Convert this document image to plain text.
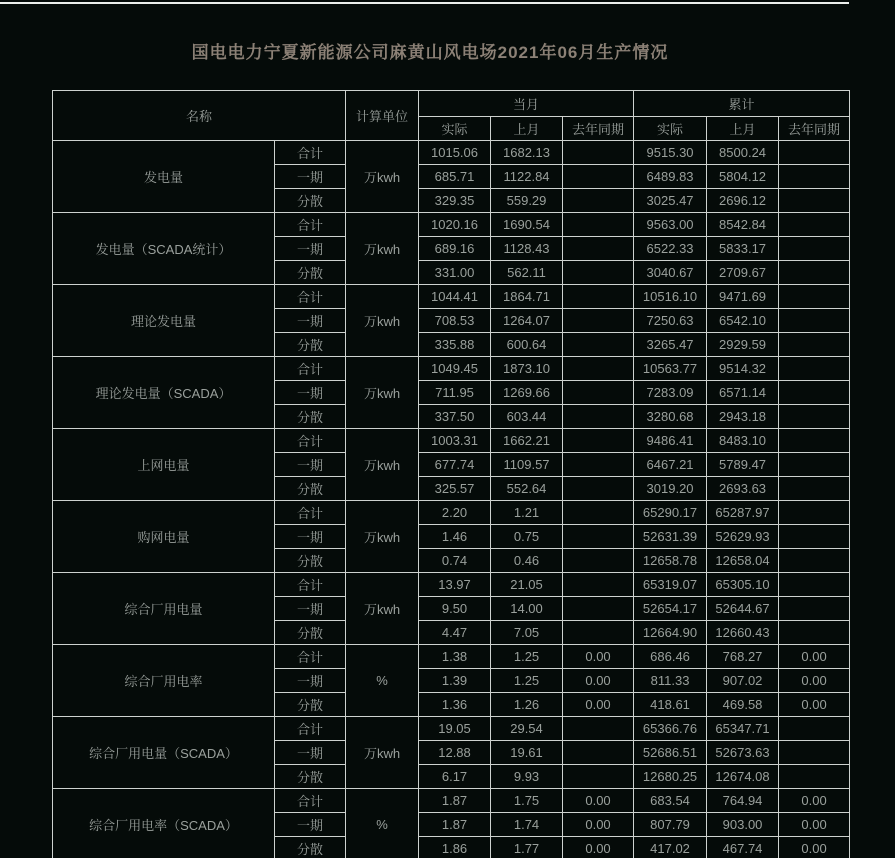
国电电力宁夏新能源公司麻黄山风电场2021年06月生产情况
名称		计算单位	当月			累计		
			实际	上月	去年同期	实际	上月	去年同期
发电量	合计	万kwh	1015.06	1682.13		9515.30	8500.24	
	一期		685.71	1122.84		6489.83	5804.12	
	分散		329.35	559.29		3025.47	2696.12	
发电量（SCADA统计）	合计	万kwh	1020.16	1690.54		9563.00	8542.84	
	一期		689.16	1128.43		6522.33	5833.17	
	分散		331.00	562.11		3040.67	2709.67	
理论发电量	合计	万kwh	1044.41	1864.71		10516.10	9471.69	
	一期		708.53	1264.07		7250.63	6542.10	
	分散		335.88	600.64		3265.47	2929.59	
理论发电量（SCADA）	合计	万kwh	1049.45	1873.10		10563.77	9514.32	
	一期		711.95	1269.66		7283.09	6571.14	
	分散		337.50	603.44		3280.68	2943.18	
上网电量	合计	万kwh	1003.31	1662.21		9486.41	8483.10	
	一期		677.74	1109.57		6467.21	5789.47	
	分散		325.57	552.64		3019.20	2693.63	
购网电量	合计	万kwh	2.20	1.21		65290.17	65287.97	
	一期		1.46	0.75		52631.39	52629.93	
	分散		0.74	0.46		12658.78	12658.04	
综合厂用电量	合计	万kwh	13.97	21.05		65319.07	65305.10	
	一期		9.50	14.00		52654.17	52644.67	
	分散		4.47	7.05		12664.90	12660.43	
综合厂用电率	合计	%	1.38	1.25	0.00	686.46	768.27	0.00
	一期		1.39	1.25	0.00	811.33	907.02	0.00
	分散		1.36	1.26	0.00	418.61	469.58	0.00
综合厂用电量（SCADA）	合计	万kwh	19.05	29.54		65366.76	65347.71	
	一期		12.88	19.61		52686.51	52673.63	
	分散		6.17	9.93		12680.25	12674.08	
综合厂用电率（SCADA）	合计	%	1.87	1.75	0.00	683.54	764.94	0.00
	一期		1.87	1.74	0.00	807.79	903.00	0.00
	分散		1.86	1.77	0.00	417.02	467.74	0.00
